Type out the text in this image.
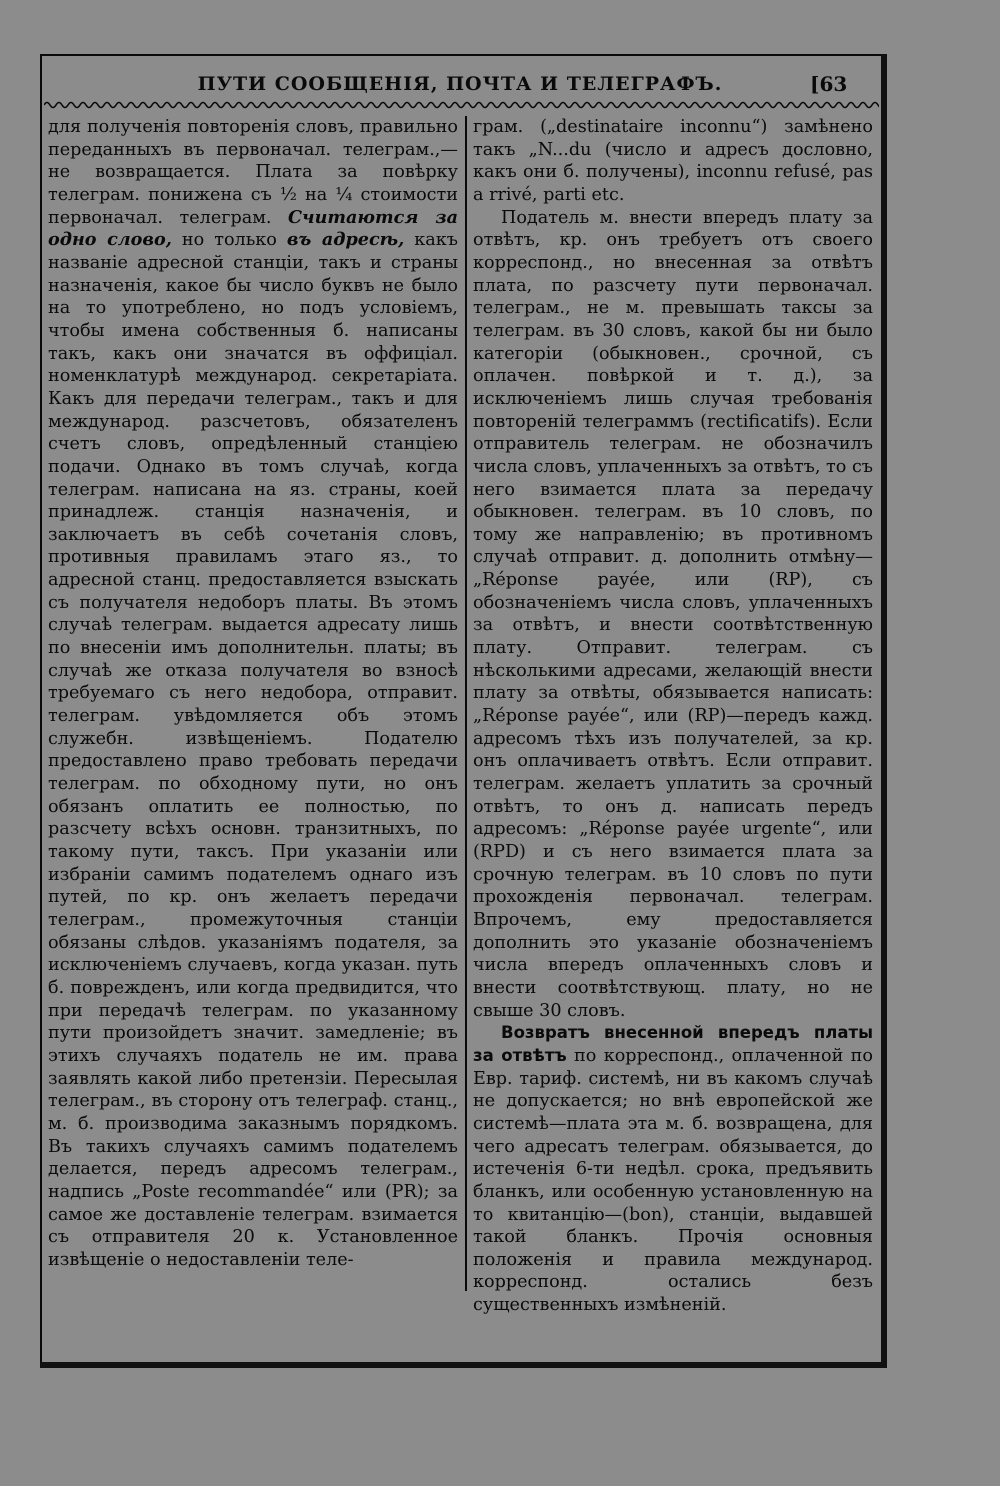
ПУТИ СООБЩЕНІЯ, ПОЧТА И ТЕЛЕГРАФЪ.	[63

для полученія повторенія словъ, правильно переданныхъ въ первоначал. телеграм.,—не возвращается. Плата за повѣрку телеграм. понижена съ ½ на ¼ стоимости первоначал. телеграм. Считаются за одно слово, но только въ адресѣ, какъ названіе адресной станціи, такъ и страны назначенія, какое бы число буквъ не было на то употреблено, но подъ условіемъ, чтобы имена собственныя б. написаны такъ, какъ они значатся въ оффиціал. номенклатурѣ международ. секретаріата. Какъ для передачи телеграм., такъ и для международ. разсчетовъ, обязателенъ счетъ словъ, опредѣленный станціею подачи. Однако въ томъ случаѣ, когда телеграм. написана на яз. страны, коей принадлеж. станція назначенія, и заключаетъ въ себѣ сочетанія словъ, противныя правиламъ этаго яз., то адресной станц. предоставляется взыскать съ получателя недоборъ платы. Въ этомъ случаѣ телеграм. выдается адресату лишь по внесеніи имъ дополнительн. платы; въ случаѣ же отказа получателя во взносѣ требуемаго съ него недобора, отправит. телеграм. увѣдомляется объ этомъ служебн. извѣщеніемъ. Подателю предоставлено право требовать передачи телеграм. по обходному пути, но онъ обязанъ оплатить ее полностью, по разсчету всѣхъ основн. транзитныхъ, по такому пути, таксъ. При указаніи или избраніи самимъ подателемъ однаго изъ путей, по кр. онъ желаетъ передачи телеграм., промежуточныя станціи обязаны слѣдов. указаніямъ подателя, за исключеніемъ случаевъ, когда указан. путь б. поврежденъ, или когда предвидится, что при передачѣ телеграм. по указанному пути произойдетъ значит. замедленіе; въ этихъ случаяхъ податель не им. права заявлять какой либо претензіи. Пересылая телеграм., въ сторону отъ телеграф. станц., м. б. производима заказнымъ порядкомъ. Въ такихъ случаяхъ самимъ подателемъ делается, передъ адресомъ телеграм., надпись „Poste recommandée“ или (PR); за самое же доставленіе телеграм. взимается съ отправителя 20 к. Установленное извѣщеніе о недоставленіи теле-

грам. („destinataire inconnu“) замѣнено такъ „N...du (число и адресъ дословно, какъ они б. получены), inconnu refusé, pas a rrivé, parti etc.

Податель м. внести впередъ плату за отвѣтъ, кр. онъ требуетъ отъ своего корреспонд., но внесенная за отвѣтъ плата, по разсчету пути первоначал. телеграм., не м. превышать таксы за телеграм. въ 30 словъ, какой бы ни было категоріи (обыкновен., срочной, съ оплачен. повѣркой и т. д.), за исключеніемъ лишь случая требованія повтореній телеграммъ (rectificatifs). Если отправитель телеграм. не обозначилъ числа словъ, уплаченныхъ за отвѣтъ, то съ него взимается плата за передачу обыкновен. телеграм. въ 10 словъ, по тому же направленію; въ противномъ случаѣ отправит. д. дополнить отмѣну—„Réponse payée, или (RP), съ обозначеніемъ числа словъ, уплаченныхъ за отвѣтъ, и внести соотвѣтственную плату. Отправит. телеграм. съ нѣсколькими адресами, желающій внести плату за отвѣты, обязывается написать: „Réponse payée“, или (RP)—передъ кажд. адресомъ тѣхъ изъ получателей, за кр. онъ оплачиваетъ отвѣтъ. Если отправит. телеграм. желаетъ уплатить за срочный отвѣтъ, то онъ д. написать передъ адресомъ: „Réponse payée urgente“, или (RPD) и съ него взимается плата за срочную телеграм. въ 10 словъ по пути прохожденія первоначал. телеграм. Впрочемъ, ему предоставляется дополнить это указаніе обозначеніемъ числа впередъ оплаченныхъ словъ и внести соотвѣтствующ. плату, но не свыше 30 словъ.

Возвратъ внесенной впередъ платы за отвѣтъ по корреспонд., оплаченной по Евр. тариф. системѣ, ни въ какомъ случаѣ не допускается; но внѣ европейской же системѣ—плата эта м. б. возвращена, для чего адресатъ телеграм. обязывается, до истеченія 6-ти недѣл. срока, предъявить бланкъ, или особенную установленную на то квитанцію—(bon), станціи, выдавшей такой бланкъ. Прочія основныя положенія и правила международ. корреспонд. остались безъ существенныхъ измѣненій.
